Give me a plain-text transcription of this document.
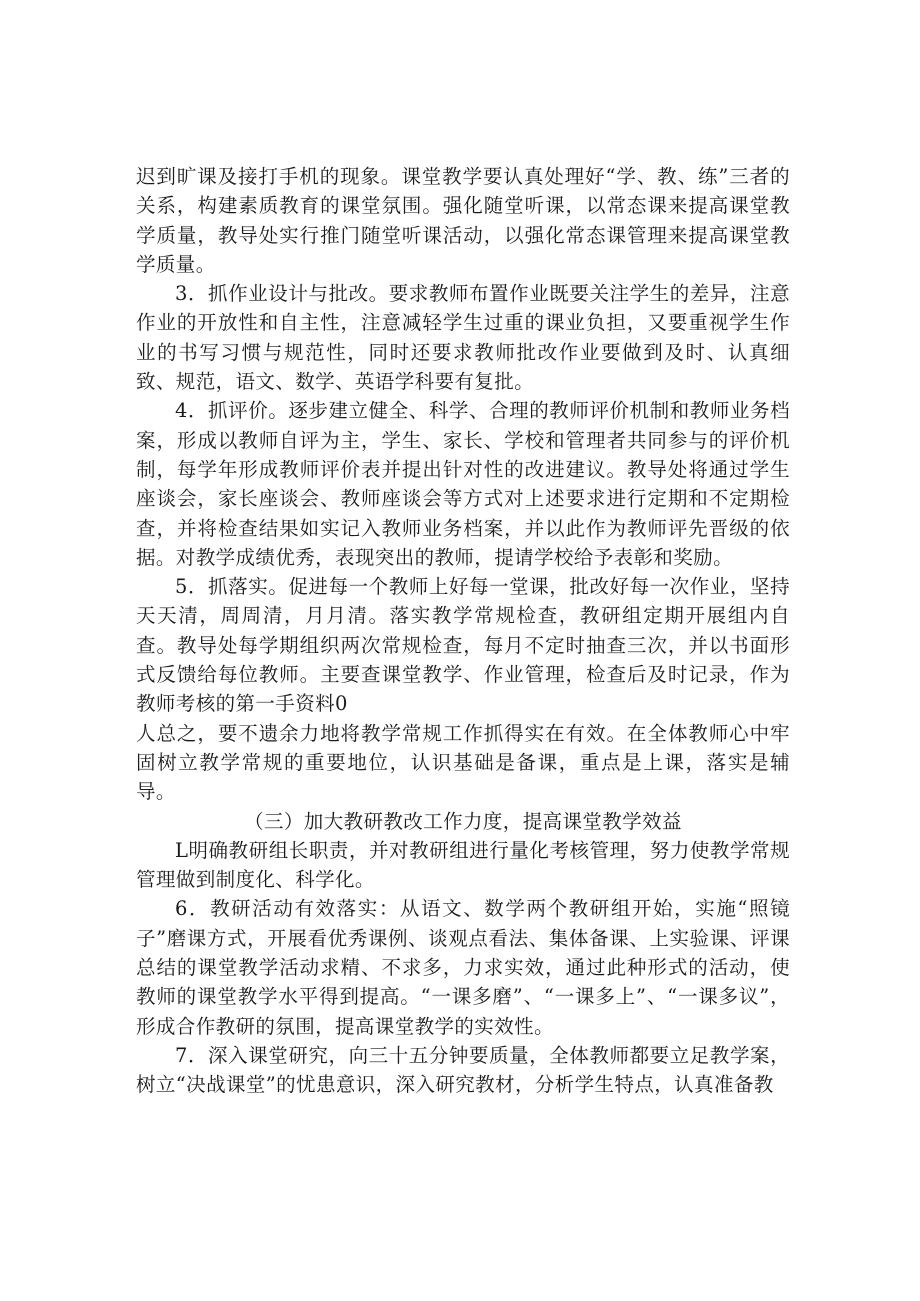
迟到旷课及接打手机的现象。课堂教学要认真处理好“学、教、练”三者的关系，构建素质教育的课堂氛围。强化随堂听课，以常态课来提高课堂教学质量，教导处实行推门随堂听课活动，以强化常态课管理来提高课堂教学质量。

3．抓作业设计与批改。要求教师布置作业既要关注学生的差异，注意作业的开放性和自主性，注意减轻学生过重的课业负担，又要重视学生作业的书写习惯与规范性，同时还要求教师批改作业要做到及时、认真细致、规范，语文、数学、英语学科要有复批。

4．抓评价。逐步建立健全、科学、合理的教师评价机制和教师业务档案，形成以教师自评为主，学生、家长、学校和管理者共同参与的评价机制，每学年形成教师评价表并提出针对性的改进建议。教导处将通过学生座谈会，家长座谈会、教师座谈会等方式对上述要求进行定期和不定期检查，并将检查结果如实记入教师业务档案，并以此作为教师评先晋级的依据。对教学成绩优秀，表现突出的教师，提请学校给予表彰和奖励。

5．抓落实。促进每一个教师上好每一堂课，批改好每一次作业，坚持天天清，周周清，月月清。落实教学常规检查，教研组定期开展组内自查。教导处每学期组织两次常规检查，每月不定时抽查三次，并以书面形式反馈给每位教师。主要查课堂教学、作业管理，检查后及时记录，作为教师考核的第一手资料0

人总之，要不遗余力地将教学常规工作抓得实在有效。在全体教师心中牢固树立教学常规的重要地位，认识基础是备课，重点是上课，落实是辅导。

（三）加大教研教改工作力度，提高课堂教学效益

L明确教研组长职责，并对教研组进行量化考核管理，努力使教学常规管理做到制度化、科学化。

6．教研活动有效落实：从语文、数学两个教研组开始，实施“照镜子”磨课方式，开展看优秀课例、谈观点看法、集体备课、上实验课、评课总结的课堂教学活动求精、不求多，力求实效，通过此种形式的活动，使教师的课堂教学水平得到提高。“一课多磨”、“一课多上”、“一课多议”，形成合作教研的氛围，提高课堂教学的实效性。

7．深入课堂研究，向三十五分钟要质量，全体教师都要立足教学案，树立“决战课堂”的忧患意识，深入研究教材，分析学生特点，认真准备教
